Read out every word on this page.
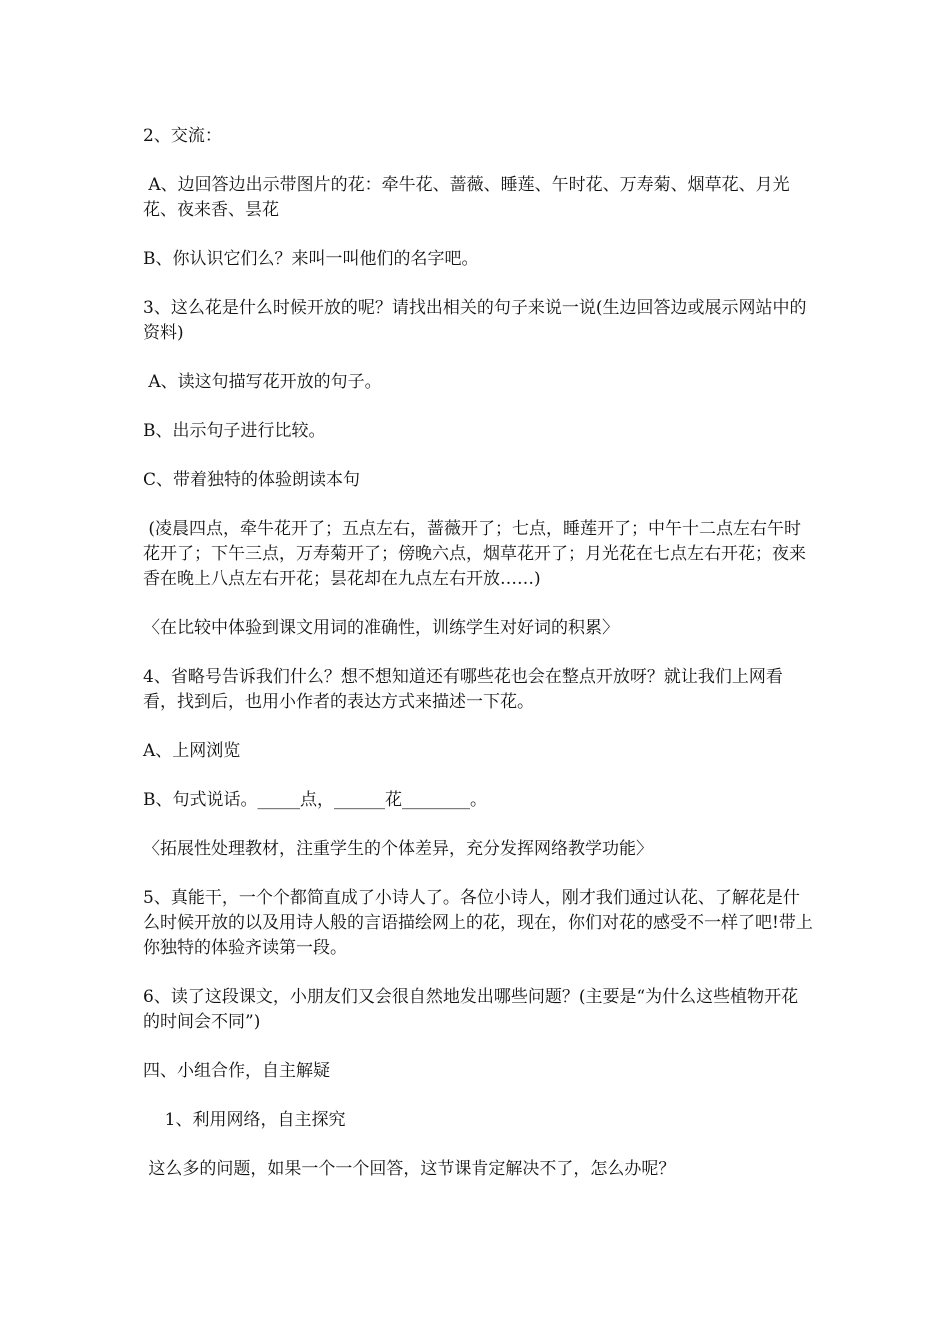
2、交流：

A、边回答边出示带图片的花：牵牛花、蔷薇、睡莲、午时花、万寿菊、烟草花、月光花、夜来香、昙花

B、你认识它们么？来叫一叫他们的名字吧。

3、这么花是什么时候开放的呢？请找出相关的句子来说一说(生边回答边或展示网站中的资料)

A、读这句描写花开放的句子。

B、出示句子进行比较。

C、带着独特的体验朗读本句

(凌晨四点，牵牛花开了；五点左右，蔷薇开了；七点，睡莲开了；中午十二点左右午时花开了；下午三点，万寿菊开了；傍晚六点，烟草花开了；月光花在七点左右开花；夜来香在晚上八点左右开花；昙花却在九点左右开放……)

〈在比较中体验到课文用词的准确性，训练学生对好词的积累〉

4、省略号告诉我们什么？想不想知道还有哪些花也会在整点开放呀？就让我们上网看看，找到后，也用小作者的表达方式来描述一下花。

A、上网浏览

B、句式说话。_____点，______花________。

〈拓展性处理教材，注重学生的个体差异，充分发挥网络教学功能〉

5、真能干，一个个都简直成了小诗人了。各位小诗人，刚才我们通过认花、了解花是什么时候开放的以及用诗人般的言语描绘网上的花，现在，你们对花的感受不一样了吧!带上你独特的体验齐读第一段。

6、读了这段课文，小朋友们又会很自然地发出哪些问题？(主要是“为什么这些植物开花的时间会不同”)

四、小组合作，自主解疑

1、利用网络，自主探究

这么多的问题，如果一个一个回答，这节课肯定解决不了，怎么办呢？
